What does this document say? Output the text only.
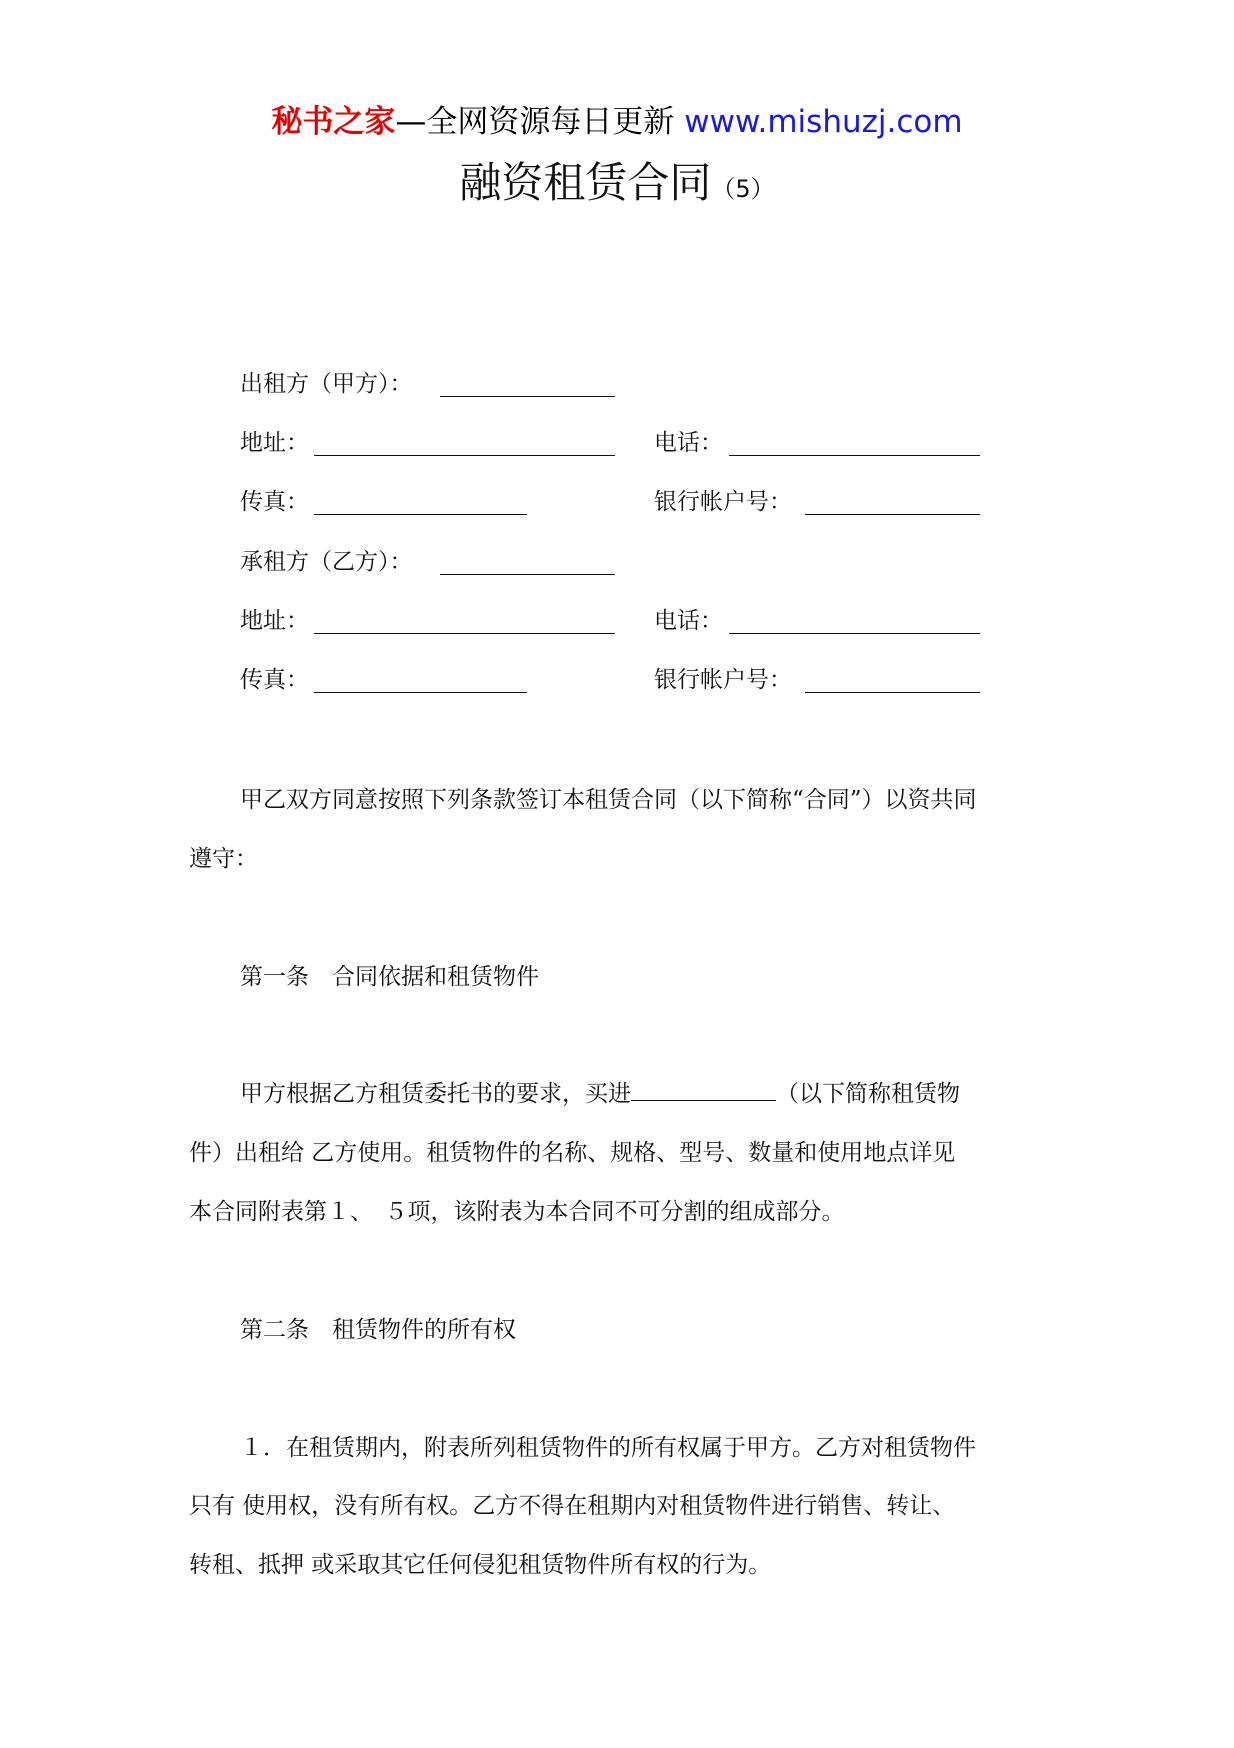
秘书之家—全网资源每日更新 www.mishuzj.com
融资租赁合同（5）
出租方（甲方）：
地址：	电话：
传真：	银行帐户号：
承租方（乙方）：
地址：	电话：
传真：	银行帐户号：
甲乙双方同意按照下列条款签订本租赁合同（以下简称“合同”）以资共同
遵守：
第一条　合同依据和租赁物件
甲方根据乙方租赁委托书的要求，买进	（以下简称租赁物
件）出租给 乙方使用。租赁物件的名称、规格、型号、数量和使用地点详见
本合同附表第１、　５项，该附表为本合同不可分割的组成部分。
第二条　租赁物件的所有权
１．在租赁期内，附表所列租赁物件的所有权属于甲方。乙方对租赁物件
只有 使用权，没有所有权。乙方不得在租期内对租赁物件进行销售、转让、
转租、抵押 或采取其它任何侵犯租赁物件所有权的行为。
